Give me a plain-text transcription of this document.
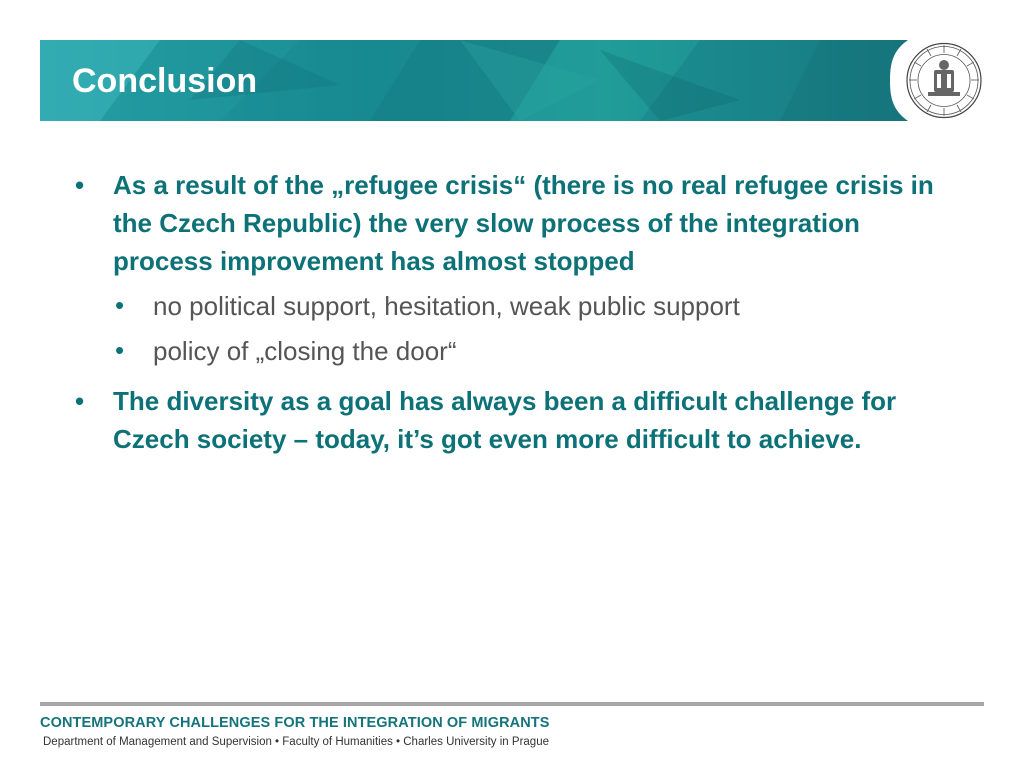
Conclusion
• As a result of the „refugee crisis“ (there is no real refugee crisis in the Czech Republic) the very slow process of the integration process improvement has almost stopped
• no political support, hesitation, weak public support
• policy of „closing the door“
• The diversity as a goal has always been a difficult challenge for Czech society – today, it’s got even more difficult to achieve.
CONTEMPORARY CHALLENGES FOR THE INTEGRATION OF MIGRANTS
Department of Management and Supervision • Faculty of Humanities • Charles University in Prague
